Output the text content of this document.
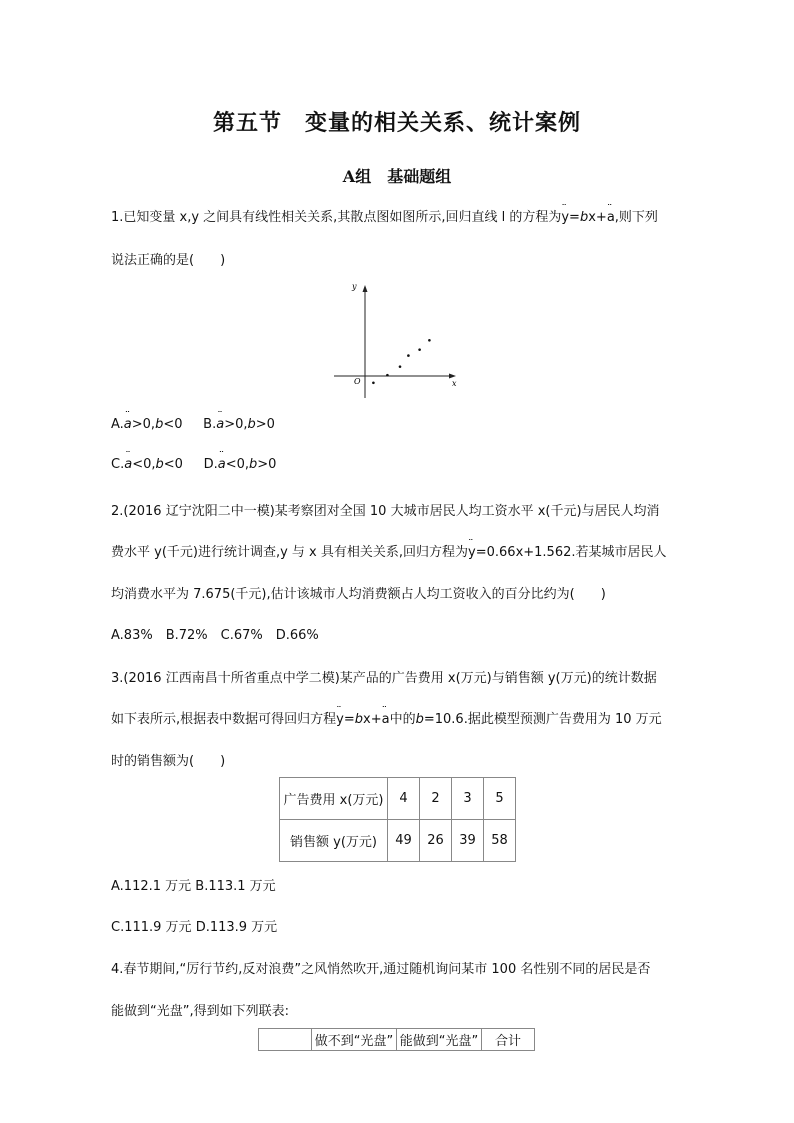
第五节　变量的相关关系、统计案例
A组　基础题组
1.已知变量 x,y 之间具有线性相关关系,其散点图如图所示,回归直线 l 的方程为¨ y=bx+¨ a,则下列
说法正确的是(　　)
y
x
O
A.¨ a>0,b<0 B.¨ a>0,b>0
C.¨ a<0,b<0 D.¨ a<0,b>0
2.(2016 辽宁沈阳二中一模)某考察团对全国 10 大城市居民人均工资水平 x(千元)与居民人均消
费水平 y(千元)进行统计调查,y 与 x 具有相关关系,回归方程为¨ y=0.66x+1.562.若某城市居民人
均消费水平为 7.675(千元),估计该城市人均消费额占人均工资收入的百分比约为(　　)
A.83%　B.72%　C.67%　D.66%
3.(2016 江西南昌十所省重点中学二模)某产品的广告费用 x(万元)与销售额 y(万元)的统计数据
如下表所示,根据表中数据可得回归方程¨ y=bx+¨ a中的b=10.6.据此模型预测广告费用为 10 万元
时的销售额为(　　)
广告费用 x(万元)	4	2	3	5
销售额 y(万元)	49	26	39	58
A.112.1 万元 B.113.1 万元
C.111.9 万元 D.113.9 万元
4.春节期间,“厉行节约,反对浪费”之风悄然吹开,通过随机询问某市 100 名性别不同的居民是否
能做到“光盘”,得到如下列联表:
	做不到“光盘”	能做到“光盘”	合计
